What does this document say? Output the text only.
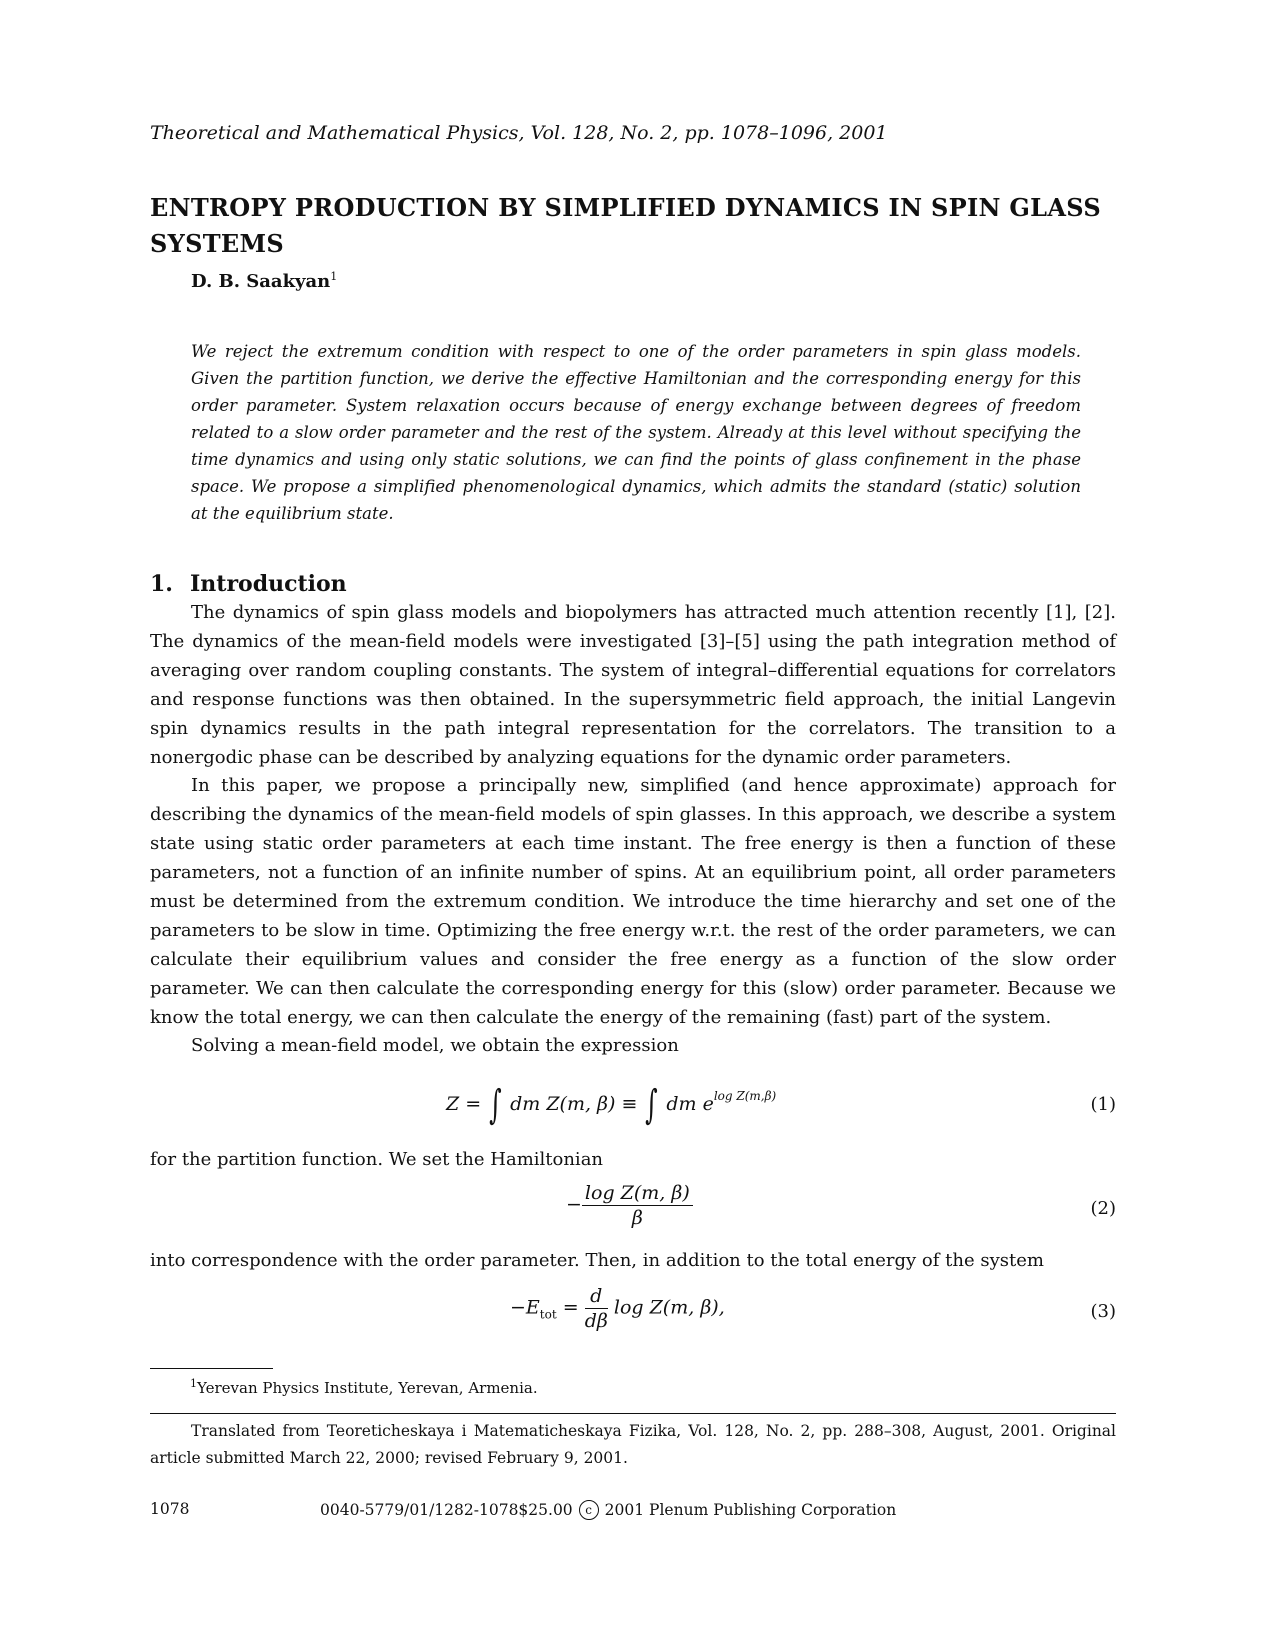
Theoretical and Mathematical Physics, Vol. 128, No. 2, pp. 1078–1096, 2001
ENTROPY PRODUCTION BY SIMPLIFIED DYNAMICS IN SPIN GLASS SYSTEMS
D. B. Saakyan$^1$
We reject the extremum condition with respect to one of the order parameters in spin glass models. Given the partition function, we derive the effective Hamiltonian and the corresponding energy for this order parameter. System relaxation occurs because of energy exchange between degrees of freedom related to a slow order parameter and the rest of the system. Already at this level without specifying the time dynamics and using only static solutions, we can find the points of glass confinement in the phase space. We propose a simplified phenomenological dynamics, which admits the standard (static) solution at the equilibrium state.
1. Introduction

The dynamics of spin glass models and biopolymers has attracted much attention recently [1], [2]. The dynamics of the mean-field models were investigated [3]–[5] using the path integration method of averaging over random coupling constants. The system of integral–differential equations for correlators and response functions was then obtained. In the supersymmetric field approach, the initial Langevin spin dynamics results in the path integral representation for the correlators. The transition to a nonergodic phase can be described by analyzing equations for the dynamic order parameters.

In this paper, we propose a principally new, simplified (and hence approximate) approach for describing the dynamics of the mean-field models of spin glasses. In this approach, we describe a system state using static order parameters at each time instant. The free energy is then a function of these parameters, not a function of an infinite number of spins. At an equilibrium point, all order parameters must be determined from the extremum condition. We introduce the time hierarchy and set one of the parameters to be slow in time. Optimizing the free energy w.r.t. the rest of the order parameters, we can calculate their equilibrium values and consider the free energy as a function of the slow order parameter. We can then calculate the corresponding energy for this (slow) order parameter. Because we know the total energy, we can then calculate the energy of the remaining (fast) part of the system.

Solving a mean-field model, we obtain the expression

Z = ∫ dm Z(m, β) ≡ ∫ dm $e^{log Z(m,\beta)}$	(1)
for the partition function. We set the Hamiltonian
− $\frac{\text{log Z(m, β)}}{\beta}$	(2)
into correspondence with the order parameter. Then, in addition to the total energy of the system
$-E_{tot} = \frac{d}{d\beta}$ log Z(m, β),	(3)
$^1$Yerevan Physics Institute, Yerevan, Armenia.

Translated from Teoreticheskaya i Matematicheskaya Fizika, Vol. 128, No. 2, pp. 288–308, August, 2001. Original article submitted March 22, 2000; revised February 9, 2001.

1078	0040-5779/01/1282-1078$25.00 c 2001 Plenum Publishing Corporation
